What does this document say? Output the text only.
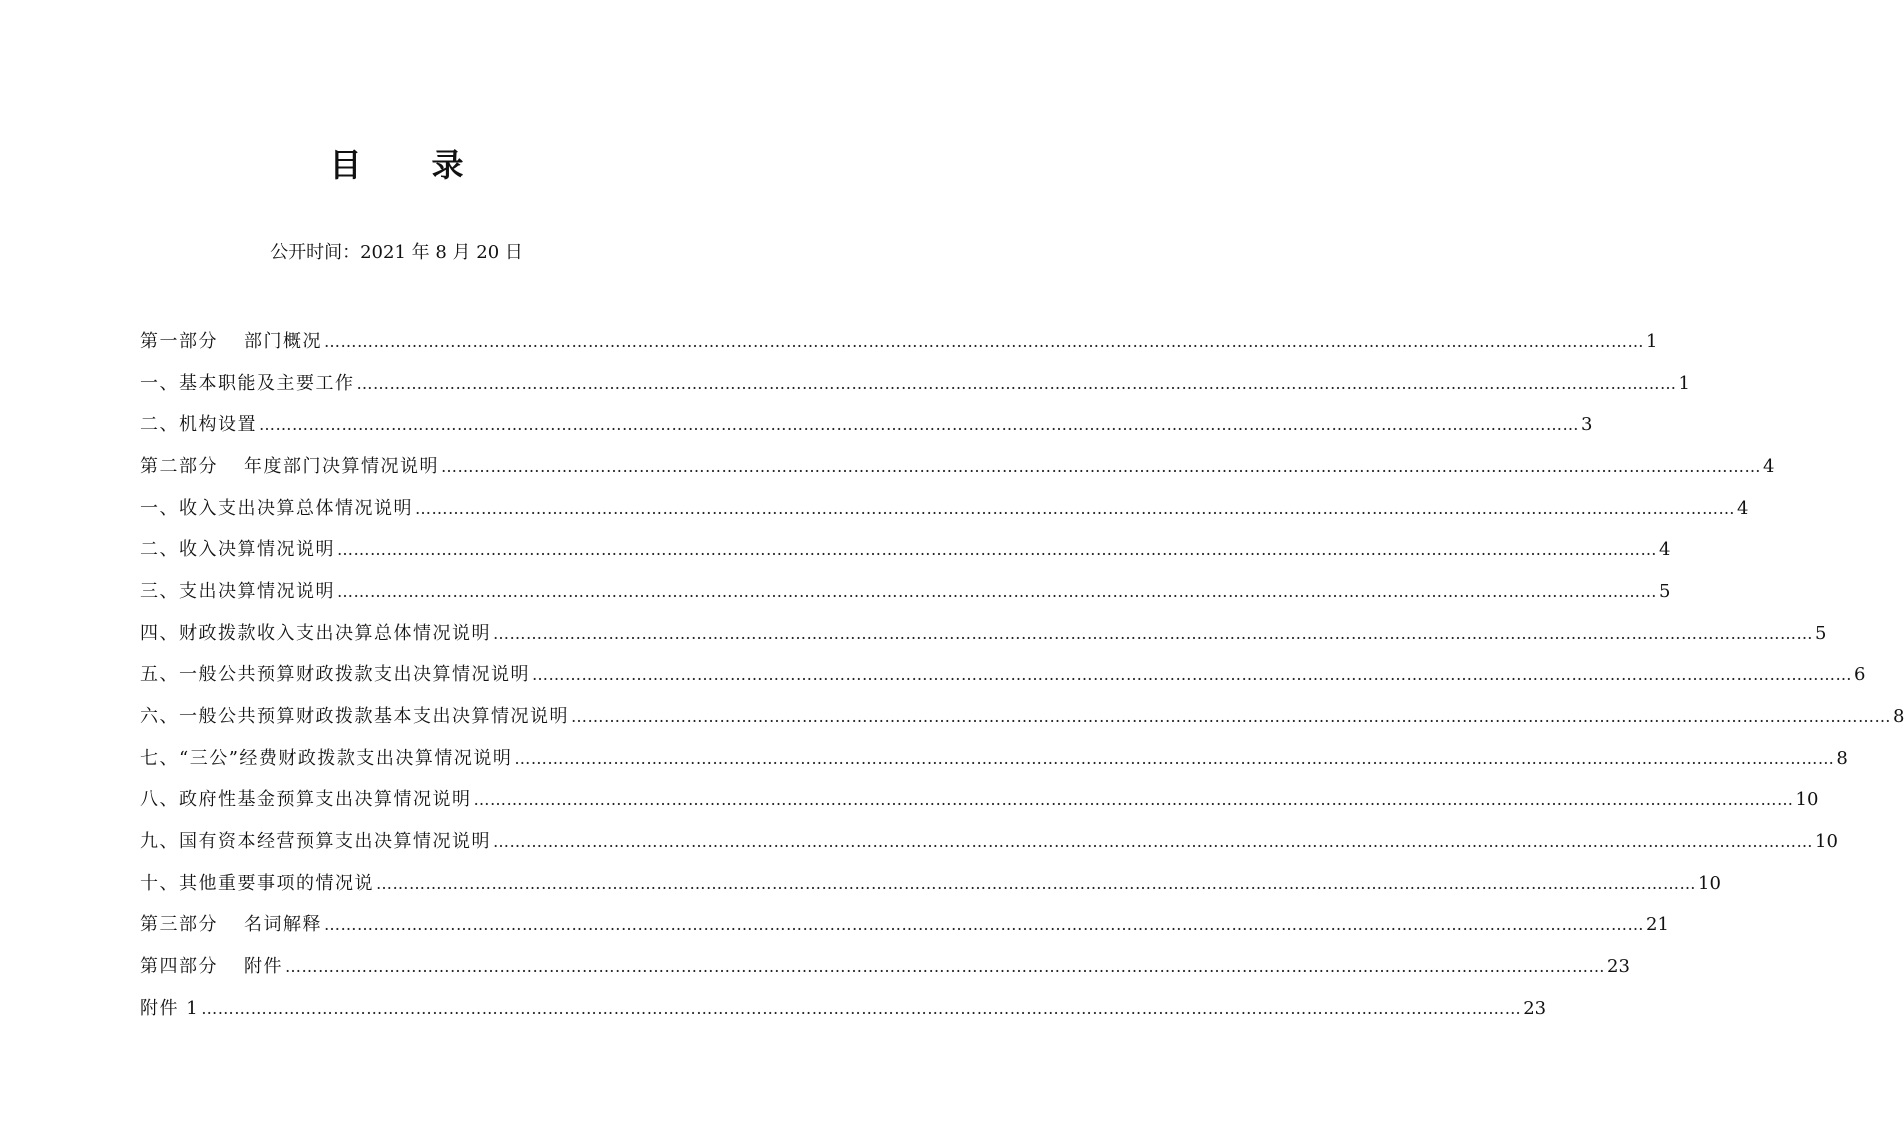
目 录
公开时间：2021 年 8 月 20 日
第一部分 部门概况 …………………………………………………………………………………………………………………………………………………………………………………………………………………… 1
一、基本职能及主要工作 …………………………………………………………………………………………………………………………………………………………………………………………………………………… 1
二、机构设置 …………………………………………………………………………………………………………………………………………………………………………………………………………………… 3
第二部分 年度部门决算情况说明 …………………………………………………………………………………………………………………………………………………………………………………………………………………… 4
一、收入支出决算总体情况说明 …………………………………………………………………………………………………………………………………………………………………………………………………………………… 4
二、收入决算情况说明 …………………………………………………………………………………………………………………………………………………………………………………………………………………… 4
三、支出决算情况说明 …………………………………………………………………………………………………………………………………………………………………………………………………………………… 5
四、财政拨款收入支出决算总体情况说明 …………………………………………………………………………………………………………………………………………………………………………………………………………………… 5
五、一般公共预算财政拨款支出决算情况说明 …………………………………………………………………………………………………………………………………………………………………………………………………………………… 6
六、一般公共预算财政拨款基本支出决算情况说明 …………………………………………………………………………………………………………………………………………………………………………………………………………………… 8
七、“三公”经费财政拨款支出决算情况说明 …………………………………………………………………………………………………………………………………………………………………………………………………………………… 8
八、政府性基金预算支出决算情况说明 …………………………………………………………………………………………………………………………………………………………………………………………………………………… 10
九、国有资本经营预算支出决算情况说明 …………………………………………………………………………………………………………………………………………………………………………………………………………………… 10
十、其他重要事项的情况说 …………………………………………………………………………………………………………………………………………………………………………………………………………………… 10
第三部分 名词解释 …………………………………………………………………………………………………………………………………………………………………………………………………………………… 21
第四部分 附件 …………………………………………………………………………………………………………………………………………………………………………………………………………………… 23
附件 1 …………………………………………………………………………………………………………………………………………………………………………………………………………………… 23
